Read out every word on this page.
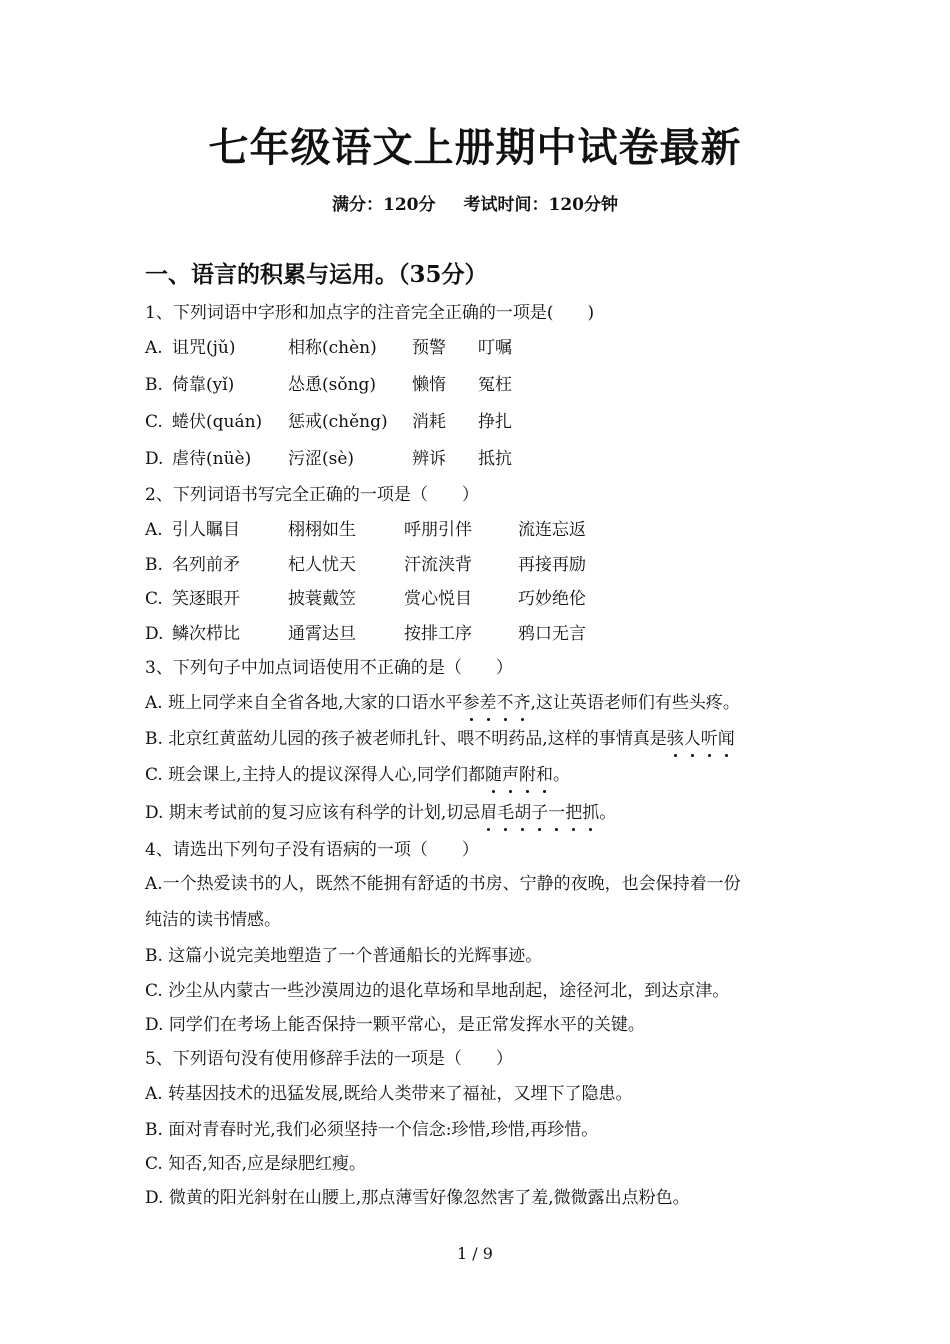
七年级语文上册期中试卷最新
满分：120分 考试时间：120分钟
一、语言的积累与运用。（35分）
1、下列词语中字形和加点字的注音完全正确的一项是(　　)
A. 诅咒(jǔ)	相称(chèn)	预警	叮嘱
B. 倚靠(yǐ)	怂恿(sǒng)	懒惰	冤枉
C. 蜷伏(quán)	惩戒(chěng)	消耗	挣扎
D. 虐待(nüè)	污涩(sè)	辨诉	抵抗
2、下列词语书写完全正确的一项是（　　）
A. 引人瞩目	栩栩如生	呼朋引伴	流连忘返
B. 名列前矛	杞人忧天	汗流浃背	再接再励
C. 笑逐眼开	披蓑戴笠	赏心悦目	巧妙绝伦
D. 鳞次栉比	通霄达旦	按排工序	鸦口无言
3、下列句子中加点词语使用不正确的是（　　）
A. 班上同学来自全省各地,大家的口语水平参差不齐,这让英语老师们有些头疼。
B. 北京红黄蓝幼儿园的孩子被老师扎针、喂不明药品,这样的事情真是骇人听闻
C. 班会课上,主持人的提议深得人心,同学们都随声附和。
D. 期末考试前的复习应该有科学的计划,切忌眉毛胡子一把抓。
4、请选出下列句子没有语病的一项（　　）
A.一个热爱读书的人，既然不能拥有舒适的书房、宁静的夜晚，也会保持着一份
纯洁的读书情感。
B. 这篇小说完美地塑造了一个普通船长的光辉事迹。
C. 沙尘从内蒙古一些沙漠周边的退化草场和旱地刮起，途径河北，到达京津。
D. 同学们在考场上能否保持一颗平常心，是正常发挥水平的关键。
5、下列语句没有使用修辞手法的一项是（　　）
A. 转基因技术的迅猛发展,既给人类带来了福祉，又埋下了隐患。
B. 面对青春时光,我们必须坚持一个信念:珍惜,珍惜,再珍惜。
C. 知否,知否,应是绿肥红瘦。
D. 微黄的阳光斜射在山腰上,那点薄雪好像忽然害了羞,微微露出点粉色。
1 / 9
